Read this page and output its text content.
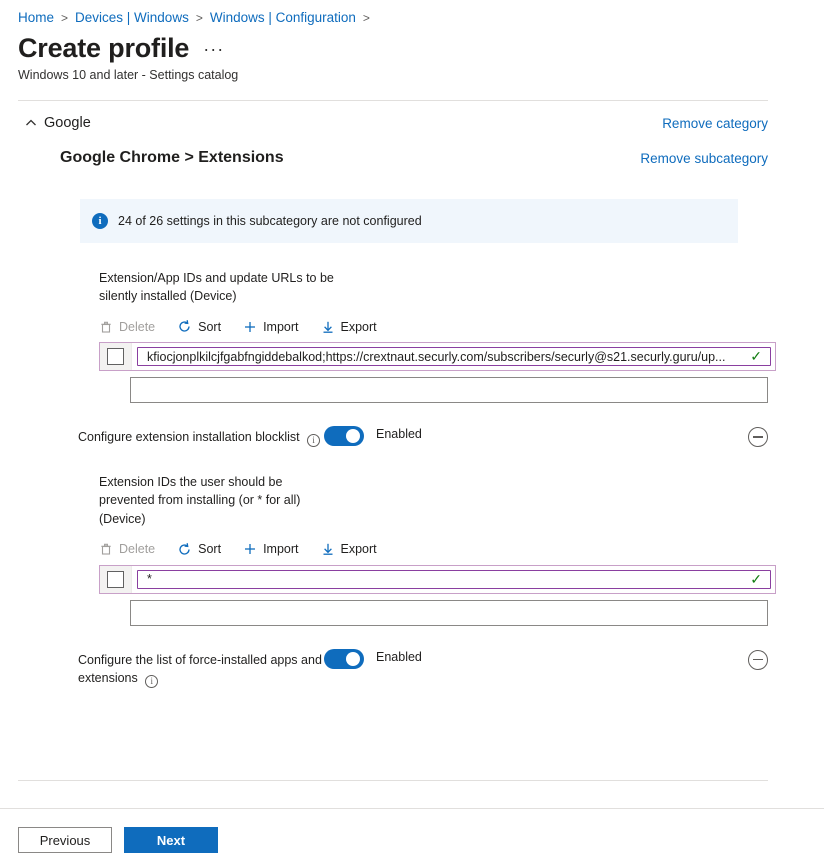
Home > Devices | Windows > Windows | Configuration >
Create profile ···
Windows 10 and later - Settings catalog
Google	Remove category
Google Chrome > Extensions	Remove subcategory
i	24 of 26 settings in this subcategory are not configured
Extension/App IDs and update URLs to be silently installed (Device)
Delete	Sort	Import	Export
kfiocjonplkilcjfgabfngiddebalkod;https://crextnaut.securly.com/subscribers/securly@s21.securly.guru/up...	✓
Configure extension installation blocklist i	Enabled
Extension IDs the user should be prevented from installing (or * for all) (Device)
Delete	Sort	Import	Export
*	✓
Configure the list of force-installed apps and extensions i
Enabled
Previous	Next
